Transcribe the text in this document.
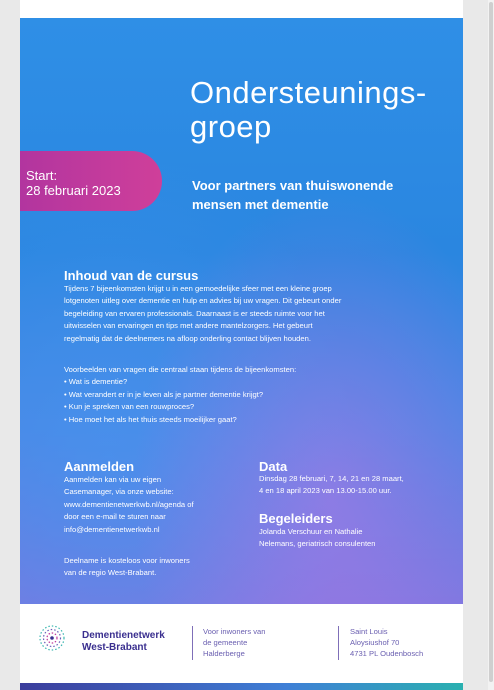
Ondersteunings-
groep
Voor partners van thuiswonende
mensen met dementie
Start:
28 februari 2023
Inhoud van de cursus

Tijdens 7 bijeenkomsten krijgt u in een gemoedelijke sfeer met een kleine groep

lotgenoten uitleg over dementie en hulp en advies bij uw vragen. Dit gebeurt onder

begeleiding van ervaren professionals. Daarnaast is er steeds ruimte voor het

uitwisselen van ervaringen en tips met andere mantelzorgers. Het gebeurt

regelmatig dat de deelnemers na afloop onderling contact blijven houden.

Voorbeelden van vragen die centraal staan tijdens de bijeenkomsten:

• Wat is dementie?
• Wat verandert er in je leven als je partner dementie krijgt?
• Kun je spreken van een rouwproces?
• Hoe moet het als het thuis steeds moeilijker gaat?
Aanmelden

Aanmelden kan via uw eigen

Casemanager, via onze website:

www.dementienetwerkwb.nl/agenda of

door een e-mail te sturen naar

info@dementienetwerkwb.nl

Deelname is kosteloos voor inwoners

van de regio West-Brabant.

Data

Dinsdag 28 februari, 7, 14, 21 en 28 maart,

4 en 18 april 2023 van 13.00-15.00 uur.

Begeleiders

Jolanda Verschuur en Nathalie

Nelemans, geriatrisch consulenten

Dementienetwerk
West-Brabant
Voor inwoners van
de gemeente
Halderberge
Saint Louis
Aloysiushof 70
4731 PL Oudenbosch
